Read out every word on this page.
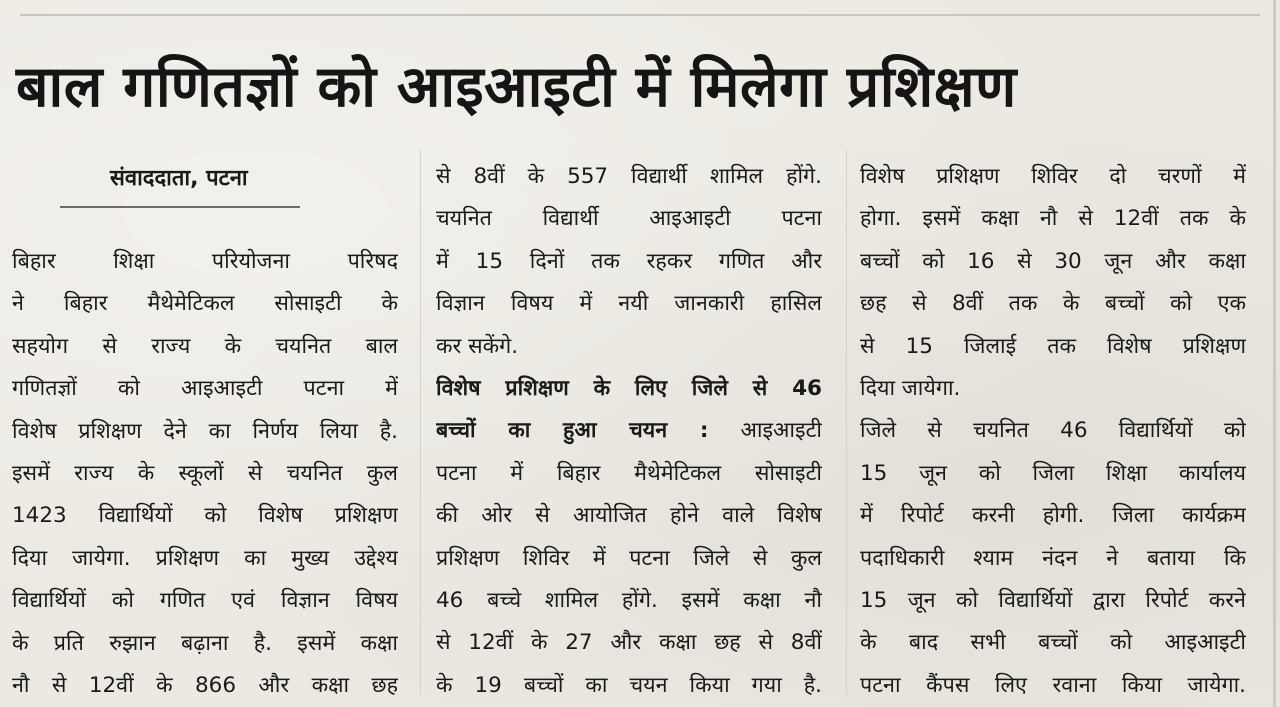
बाल गणितज्ञों को आइआइटी में मिलेगा प्रशिक्षण
संवाददाता, पटना
बिहार शिक्षा परियोजना परिषद
ने बिहार मैथेमेटिकल सोसाइटी के
सहयोग से राज्य के चयनित बाल
गणितज्ञों को आइआइटी पटना में
विशेष प्रशिक्षण देने का निर्णय लिया है.
इसमें राज्य के स्कूलों से चयनित कुल
1423 विद्यार्थियों को विशेष प्रशिक्षण
दिया जायेगा. प्रशिक्षण का मुख्य उद्देश्य
विद्यार्थियों को गणित एवं विज्ञान विषय
के प्रति रुझान बढ़ाना है. इसमें कक्षा
नौ से 12वीं के 866 और कक्षा छह
से 8वीं के 557 विद्यार्थी शामिल होंगे.
चयनित विद्यार्थी आइआइटी पटना
में 15 दिनों तक रहकर गणित और
विज्ञान विषय में नयी जानकारी हासिल
कर सकेंगे.
विशेष प्रशिक्षण के लिए जिले से 46
बच्चों का हुआ चयन : आइआइटी
पटना में बिहार मैथेमेटिकल सोसाइटी
की ओर से आयोजित होने वाले विशेष
प्रशिक्षण शिविर में पटना जिले से कुल
46 बच्चे शामिल होंगे. इसमें कक्षा नौ
से 12वीं के 27 और कक्षा छह से 8वीं
के 19 बच्चों का चयन किया गया है.
विशेष प्रशिक्षण शिविर दो चरणों में
होगा. इसमें कक्षा नौ से 12वीं तक के
बच्चों को 16 से 30 जून और कक्षा
छह से 8वीं तक के बच्चों को एक
से 15 जिलाई तक विशेष प्रशिक्षण
दिया जायेगा.
जिले से चयनित 46 विद्यार्थियों को
15 जून को जिला शिक्षा कार्यालय
में रिपोर्ट करनी होगी. जिला कार्यक्रम
पदाधिकारी श्याम नंदन ने बताया कि
15 जून को विद्यार्थियों द्वारा रिपोर्ट करने
के बाद सभी बच्चों को आइआइटी
पटना कैंपस लिए रवाना किया जायेगा.
